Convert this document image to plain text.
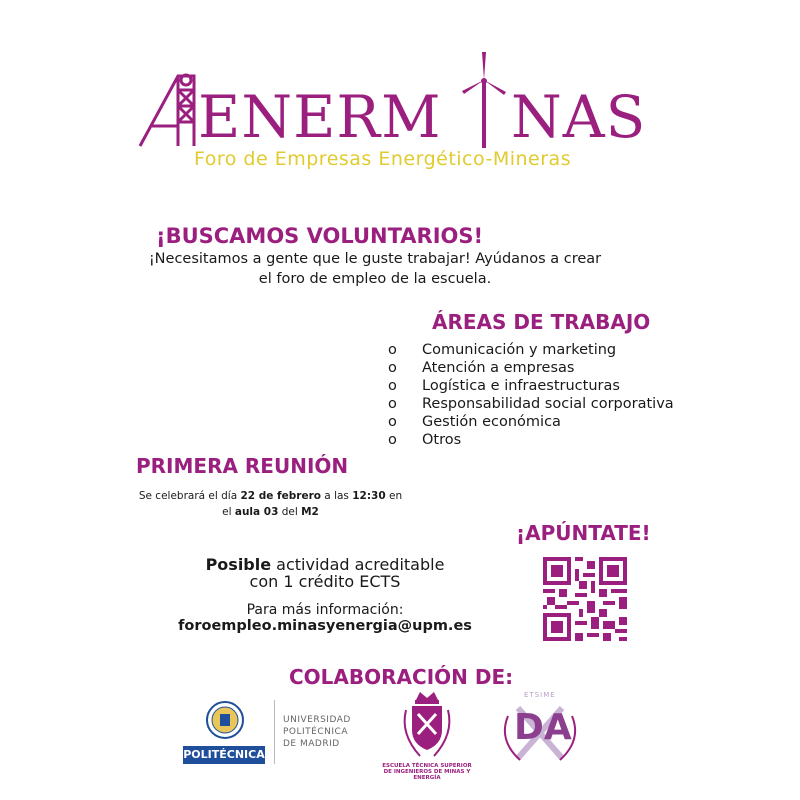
ENERM NAS
Foro de Empresas Energético-Mineras
¡BUSCAMOS VOLUNTARIOS!
¡Necesitamos a gente que le guste trabajar! Ayúdanos a crear
el foro de empleo de la escuela.
ÁREAS DE TRABAJO
o	Comunicación y marketing
o	Atención a empresas
o	Logística e infraestructuras
o	Responsabilidad social corporativa
o	Gestión económica
o	Otros
PRIMERA REUNIÓN
Se celebrará el día 22 de febrero a las 12:30 en
el aula 03 del M2
¡APÚNTATE!
Posible actividad acreditable
con 1 crédito ECTS
Para más información:
foroempleo.minasyenergia@upm.es
COLABORACIÓN DE:
POLITÉCNICA
UNIVERSIDAD
POLITÉCNICA
DE MADRID
ESCUELA TÉCNICA SUPERIOR
DE INGENIEROS DE MINAS Y ENERGÍA
ETSIME
DA
